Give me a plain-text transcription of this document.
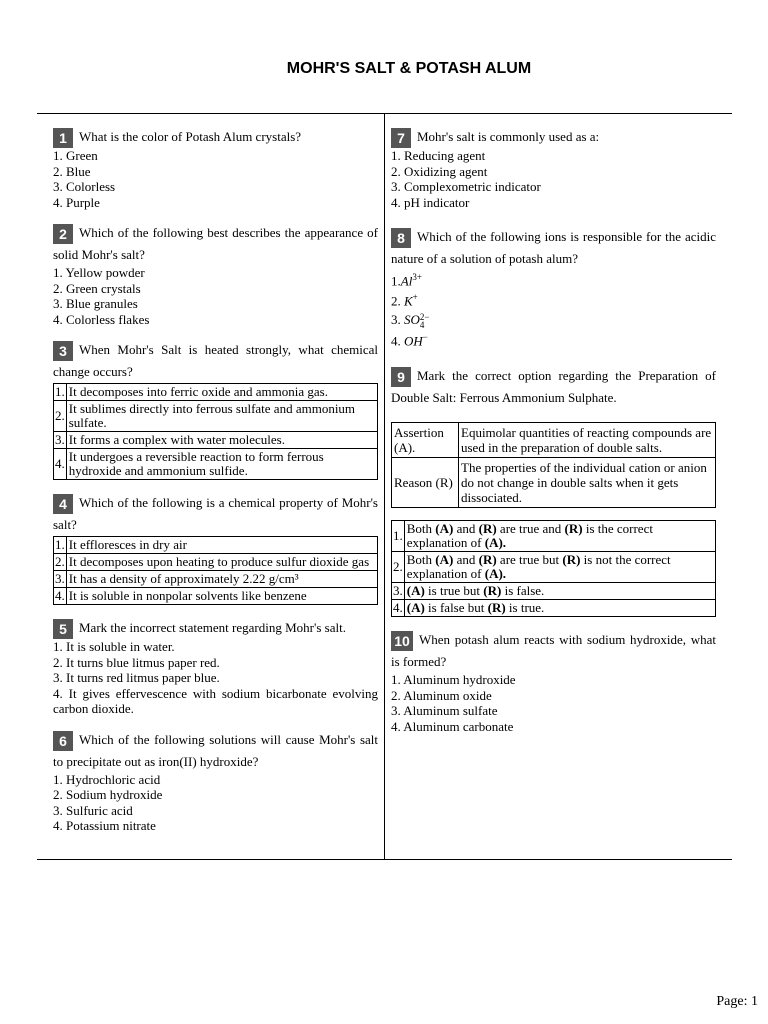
MOHR'S SALT & POTASH ALUM
1 What is the color of Potash Alum crystals?
1. Green
2. Blue
3. Colorless
4. Purple
2 Which of the following best describes the appearance of solid Mohr's salt?
1. Yellow powder
2. Green crystals
3. Blue granules
4. Colorless flakes
3 When Mohr's Salt is heated strongly, what chemical change occurs?
1.	It decomposes into ferric oxide and ammonia gas.
2.	It sublimes directly into ferrous sulfate and ammonium sulfate.
3.	It forms a complex with water molecules.
4.	It undergoes a reversible reaction to form ferrous hydroxide and ammonium sulfide.
4 Which of the following is a chemical property of Mohr's salt?
1.	It effloresces in dry air
2.	It decomposes upon heating to produce sulfur dioxide gas
3.	It has a density of approximately 2.22 g/cm³
4.	It is soluble in nonpolar solvents like benzene
5 Mark the incorrect statement regarding Mohr's salt.
1. It is soluble in water.
2. It turns blue litmus paper red.
3. It turns red litmus paper blue.
4. It gives effervescence with sodium bicarbonate evolving carbon dioxide.
6 Which of the following solutions will cause Mohr's salt to precipitate out as iron(II) hydroxide?
1. Hydrochloric acid
2. Sodium hydroxide
3. Sulfuric acid
4. Potassium nitrate
7 Mohr's salt is commonly used as a:
1. Reducing agent
2. Oxidizing agent
3. Complexometric indicator
4. pH indicator
8 Which of the following ions is responsible for the acidic nature of a solution of potash alum?
$1.Al^{3+}$
2. K+
3. SO 2−
4
4. OH−
9 Mark the correct option regarding the Preparation of Double Salt: Ferrous Ammonium Sulphate.
Assertion (A).	Equimolar quantities of reacting compounds are used in the preparation of double salts.
Reason (R)	The properties of the individual cation or anion do not change in double salts when it gets dissociated.
1.	Both (A) and (R) are true and (R) is the correct explanation of (A).
2.	Both (A) and (R) are true but (R) is not the correct explanation of (A).
3.	(A) is true but (R) is false.
4.	(A) is false but (R) is true.
10 When potash alum reacts with sodium hydroxide, what is formed?
1. Aluminum hydroxide
2. Aluminum oxide
3. Aluminum sulfate
4. Aluminum carbonate
Page: 1
